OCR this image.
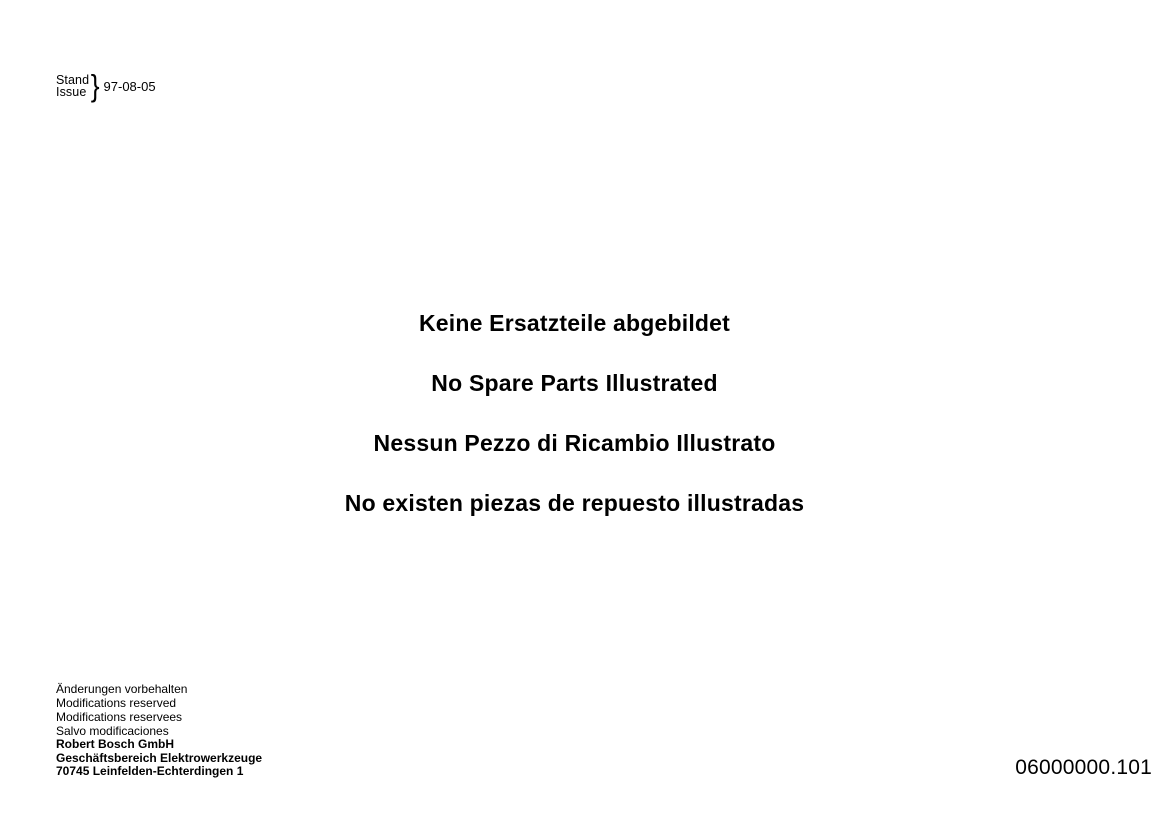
Stand
Issue } 97-08-05
Keine Ersatzteile abgebildet
No Spare Parts Illustrated
Nessun Pezzo di Ricambio Illustrato
No existen piezas de repuesto illustradas
Änderungen vorbehalten
Modifications reserved
Modifications reservees
Salvo modificaciones
Robert Bosch GmbH
Geschäftsbereich Elektrowerkzeuge
70745 Leinfelden-Echterdingen 1	06000000.101
